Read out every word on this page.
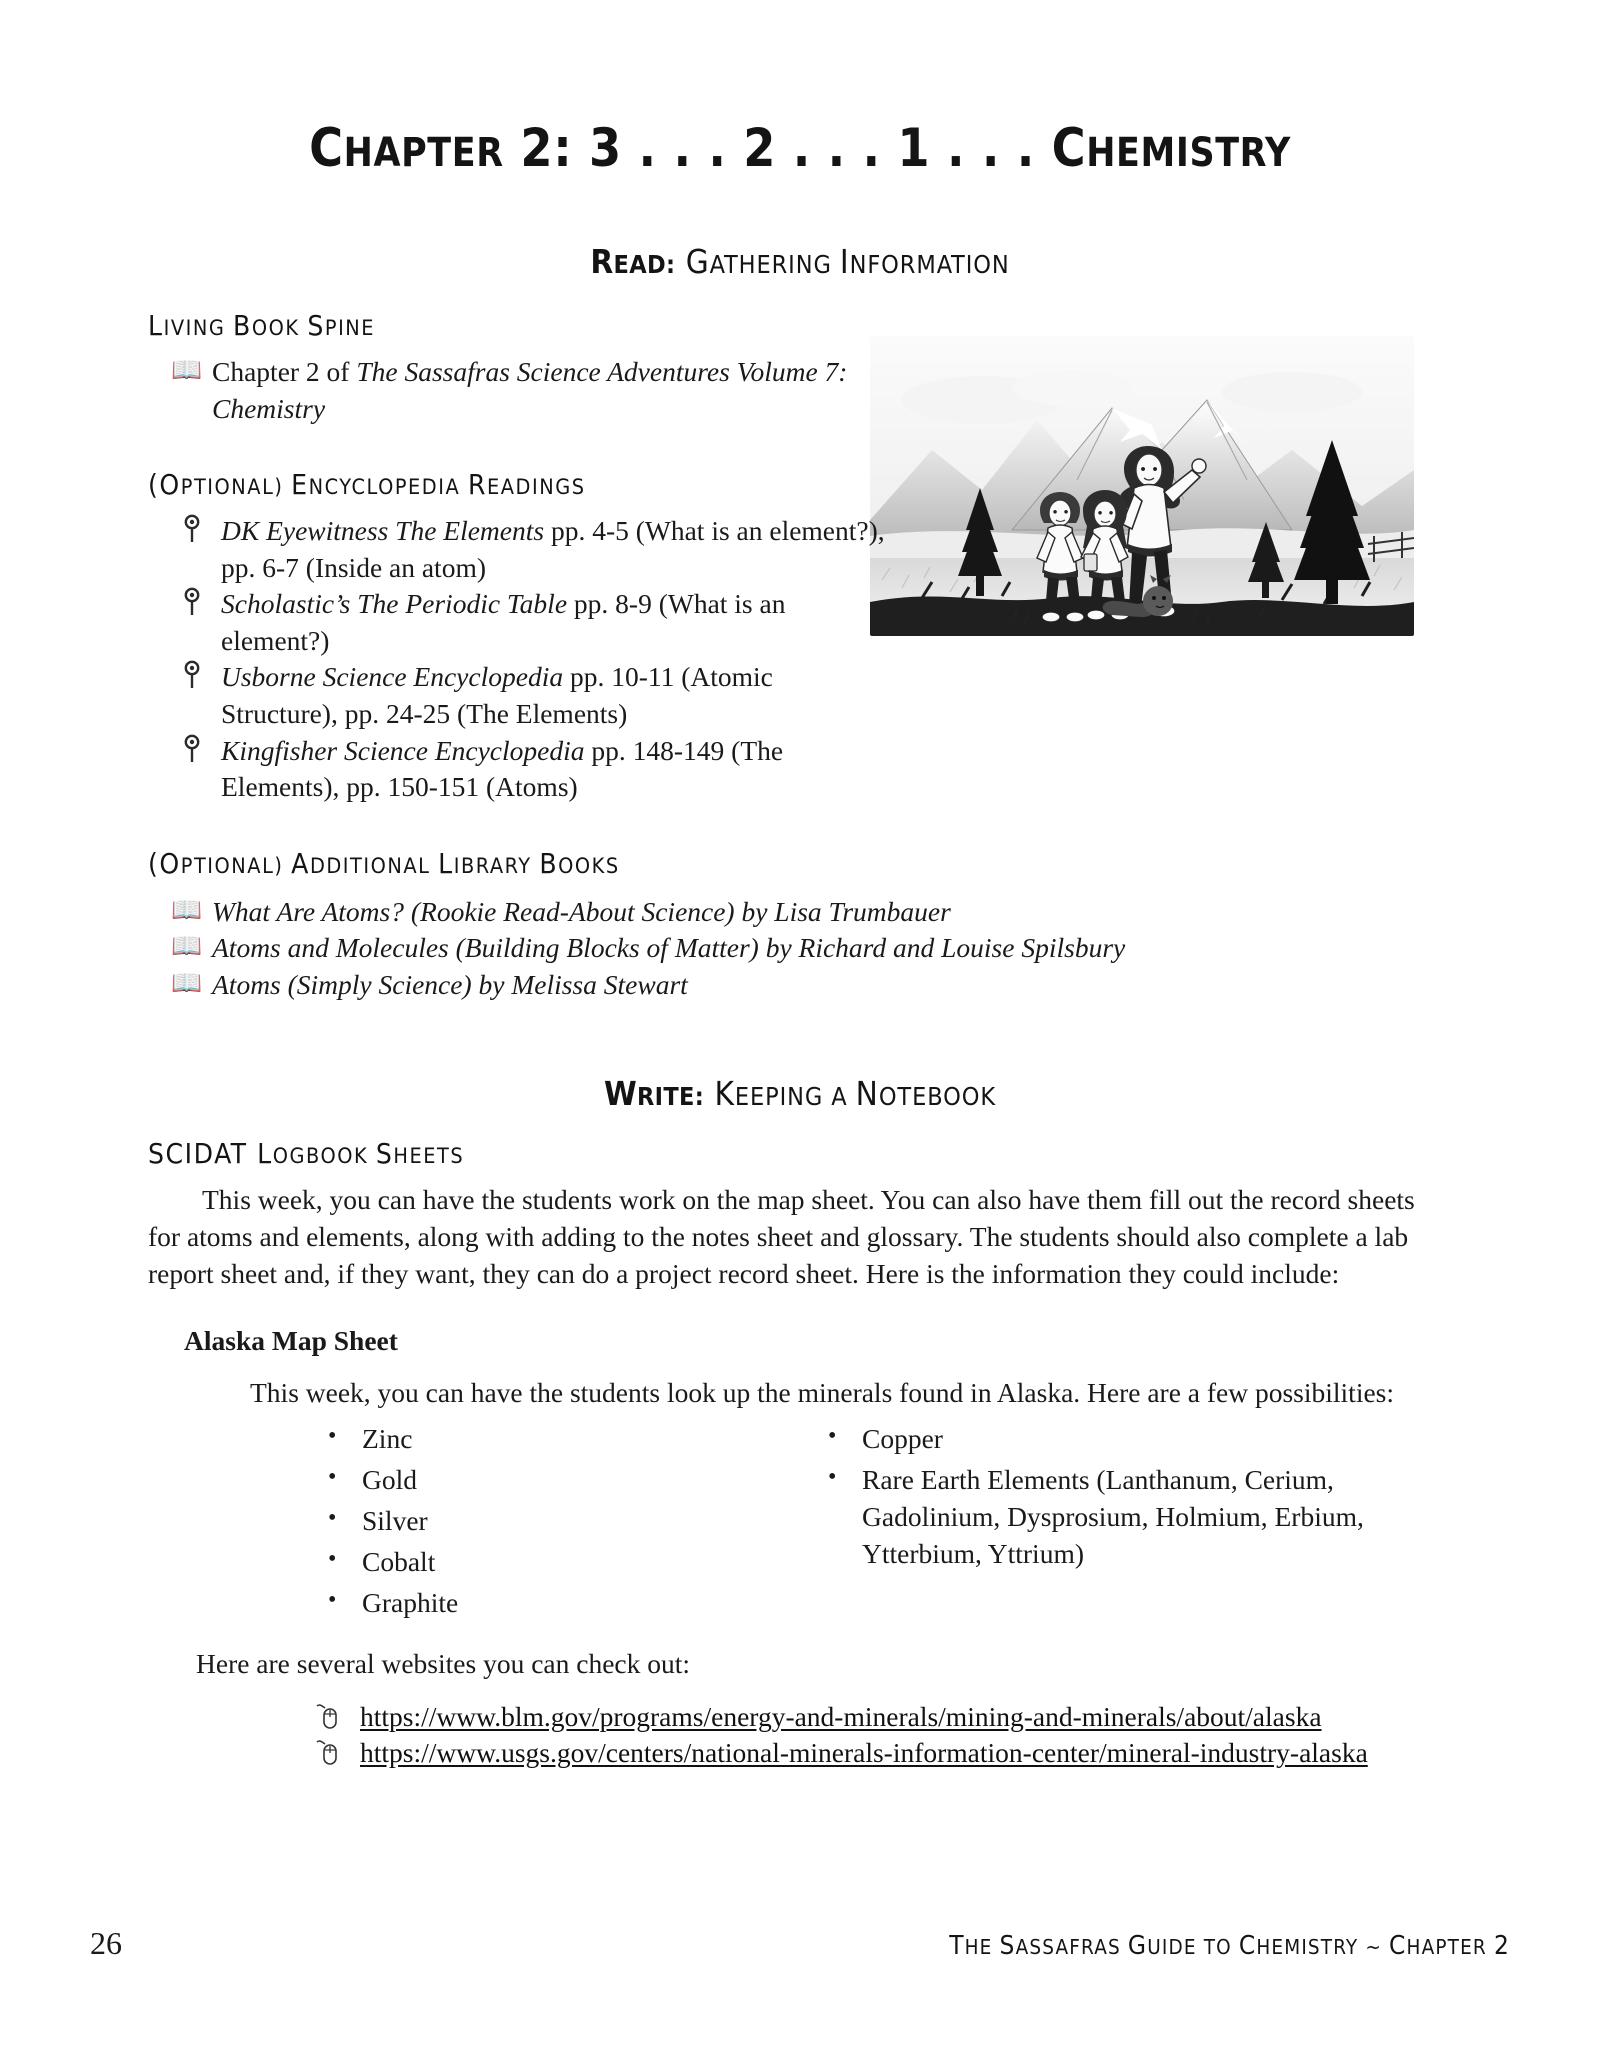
CHAPTER 2: 3 . . . 2 . . . 1 . . . CHEMISTRY
READ: GATHERING INFORMATION
LIVING BOOK SPINE
📖 Chapter 2 of The Sassafras Science Adventures Volume 7: Chemistry
(OPTIONAL) ENCYCLOPEDIA READINGS
DK Eyewitness The Elements pp. 4-5 (What is an element?), pp. 6-7 (Inside an atom)
Scholastic’s The Periodic Table pp. 8-9 (What is an element?)
Usborne Science Encyclopedia pp. 10-11 (Atomic Structure), pp. 24-25 (The Elements)
Kingfisher Science Encyclopedia pp. 148-149 (The Elements), pp. 150-151 (Atoms)
(OPTIONAL) ADDITIONAL LIBRARY BOOKS
📖 What Are Atoms? (Rookie Read-About Science) by Lisa Trumbauer
📖 Atoms and Molecules (Building Blocks of Matter) by Richard and Louise Spilsbury
📖 Atoms (Simply Science) by Melissa Stewart
WRITE: KEEPING A NOTEBOOK
SCIDAT LOGBOOK SHEETS

This week, you can have the students work on the map sheet. You can also have them fill out the record sheets for atoms and elements, along with adding to the notes sheet and glossary. The students should also complete a lab report sheet and, if they want, they can do a project record sheet. Here is the information they could include:

Alaska Map Sheet

This week, you can have the students look up the minerals found in Alaska. Here are a few possibilities:

• Zinc
• Gold
• Silver
• Cobalt
• Graphite
• Copper
• Rare Earth Elements (Lanthanum, Cerium, Gadolinium, Dysprosium, Holmium, Erbium, Ytterbium, Yttrium)

Here are several websites you can check out:

https://www.blm.gov/programs/energy-and-minerals/mining-and-minerals/about/alaska
https://www.usgs.gov/centers/national-minerals-information-center/mineral-industry-alaska
26	THE SASSAFRAS GUIDE TO CHEMISTRY ~ CHAPTER 2
